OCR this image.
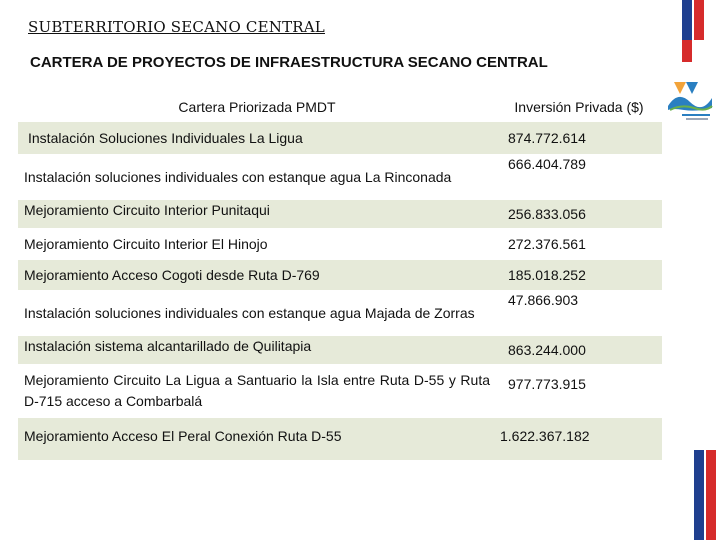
SUBTERRITORIO SECANO CENTRAL
CARTERA DE PROYECTOS DE INFRAESTRUCTURA SECANO CENTRAL
Cartera Priorizada PMDT	Inversión Privada ($)
Instalación Soluciones Individuales La Ligua	874.772.614
Instalación soluciones individuales con estanque agua La Rinconada	666.404.789
Mejoramiento Circuito Interior Punitaqui	256.833.056
Mejoramiento Circuito Interior El Hinojo	272.376.561
Mejoramiento Acceso Cogoti desde Ruta D-769	185.018.252
Instalación soluciones individuales con estanque agua Majada de Zorras	47.866.903
Instalación sistema alcantarillado de Quilitapia	863.244.000
Mejoramiento Circuito La Ligua a Santuario la Isla entre Ruta D-55 y Ruta D-715 acceso a Combarbalá	977.773.915
Mejoramiento Acceso El Peral Conexión Ruta D-55	1.622.367.182
